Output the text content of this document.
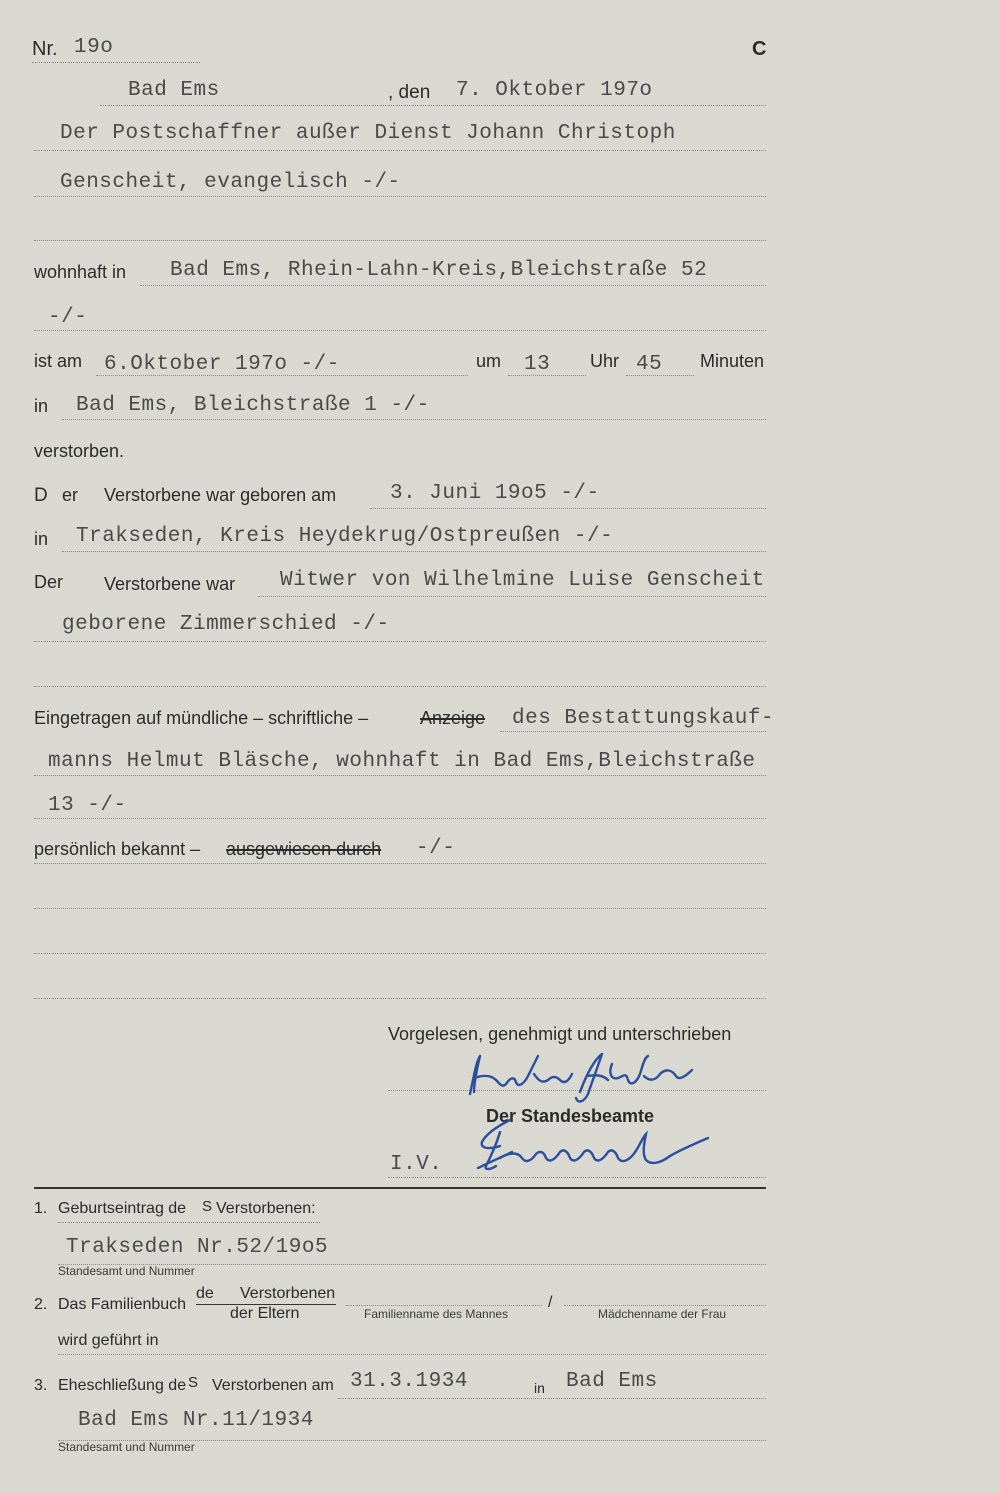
Nr. 19o	C
Bad Ems	, den 7. Oktober 197o
Der Postschaffner außer Dienst Johann Christoph
Genscheit, evangelisch -/-
wohnhaft in Bad Ems, Rhein-Lahn-Kreis,Bleichstraße 52
-/-
ist am 6.Oktober 197o -/-	um 13 Uhr 45 Minuten
in Bad Ems, Bleichstraße 1 -/-
verstorben.
D er Verstorbene war geboren am	3. Juni 19o5 -/-
in Trakseden, Kreis Heydekrug/Ostpreußen -/-
Der Verstorbene war Witwer von Wilhelmine Luise Genscheit
geborene Zimmerschied -/-
Eingetragen auf mündliche – schriftliche –	Anzeige des Bestattungskauf-
manns Helmut Bläsche, wohnhaft in Bad Ems,Bleichstraße
13 -/-
persönlich bekannt – ausgewiesen durch -/-
Vorgelesen, genehmigt und unterschrieben
Der Standesbeamte
I.V.
1. Geburtseintrag de S Verstorbenen:
Trakseden Nr.52/19o5
Standesamt und Nummer
2. Das Familienbuch
de Verstorbenen
der Eltern	Familienname des Mannes
/
Mädchenname der Frau
wird geführt in
3. Eheschließung de S Verstorbenen am 31.3.1934	in Bad Ems
Bad Ems Nr.11/1934
Standesamt und Nummer
